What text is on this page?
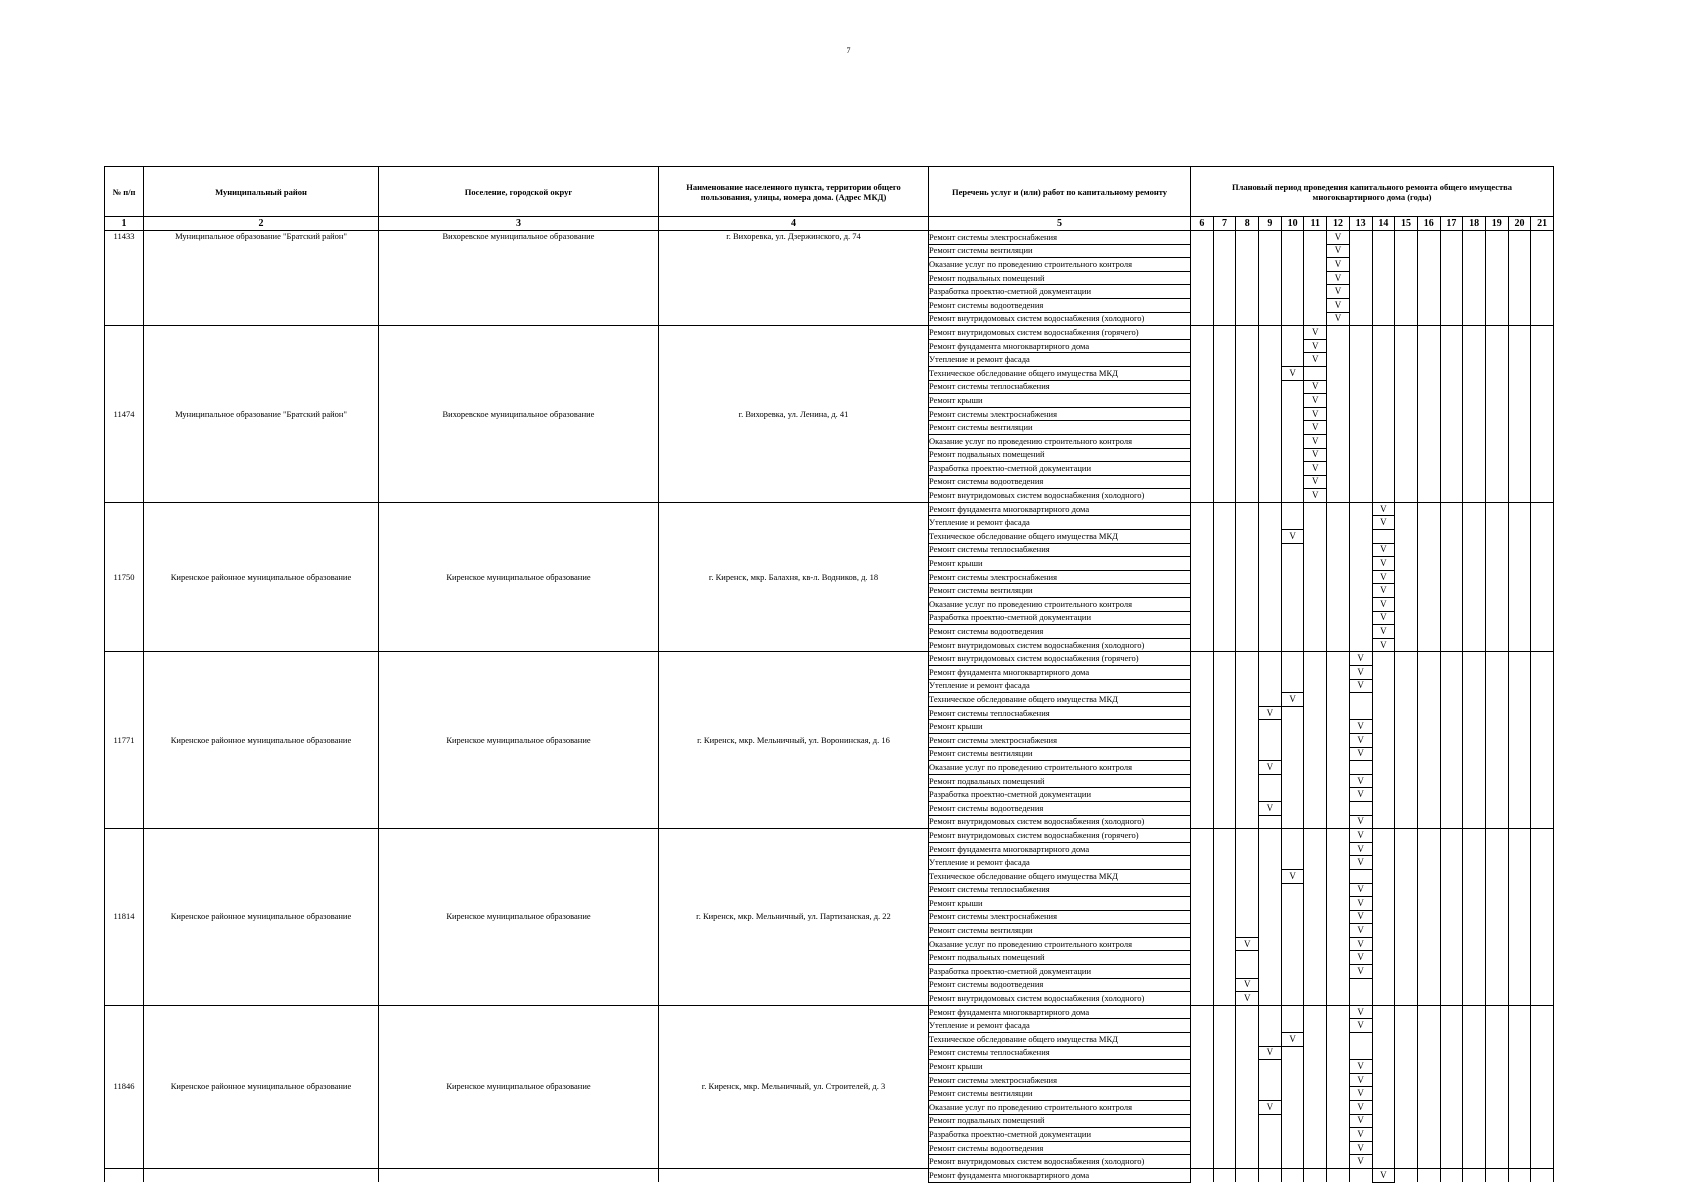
7
№ п/п	Муниципальный район	Поселение, городской округ	Наименование населенного пункта, территории общего пользования, улицы, номера дома. (Адрес МКД)	Перечень услуг и (или) работ по капитальному ремонту	Плановый период проведения капитального ремонта общего имущества многоквартирного дома (годы)															
1	2	3	4	5	6	7	8	9	10	11	12	13	14	15	16	17	18	19	20	21
11433	Муниципальное образование "Братский район"	Вихоревское муниципальное образование	г. Вихоревка, ул. Дзержинского, д. 74	Ремонт системы электроснабжения							V									
				Ремонт системы вентиляции							V									
				Оказание услуг по проведению строительного контроля							V									
				Ремонт подвальных помещений							V									
				Разработка проектно-сметной документации							V									
				Ремонт системы водоотведения							V									
				Ремонт внутридомовых систем водоснабжения (холодного)							V									
11474	Муниципальное образование "Братский район"	Вихоревское муниципальное образование	г. Вихоревка, ул. Ленина, д. 41	Ремонт внутридомовых систем водоснабжения (горячего)						V										
				Ремонт фундамента многоквартирного дома						V										
				Утепление и ремонт фасада						V										
				Техническое обследование общего имущества МКД					V											
				Ремонт системы теплоснабжения						V										
				Ремонт крыши						V										
				Ремонт системы электроснабжения						V										
				Ремонт системы вентиляции						V										
				Оказание услуг по проведению строительного контроля						V										
				Ремонт подвальных помещений						V										
				Разработка проектно-сметной документации						V										
				Ремонт системы водоотведения						V										
				Ремонт внутридомовых систем водоснабжения (холодного)						V										
11750	Киренское районное муниципальное образование	Киренское муниципальное образование	г. Киренск, мкр. Балахня, кв-л. Водников, д. 18	Ремонт фундамента многоквартирного дома									V							
				Утепление и ремонт фасада									V							
				Техническое обследование общего имущества МКД					V											
				Ремонт системы теплоснабжения									V							
				Ремонт крыши									V							
				Ремонт системы электроснабжения									V							
				Ремонт системы вентиляции									V							
				Оказание услуг по проведению строительного контроля									V							
				Разработка проектно-сметной документации									V							
				Ремонт системы водоотведения									V							
				Ремонт внутридомовых систем водоснабжения (холодного)									V							
11771	Киренское районное муниципальное образование	Киренское муниципальное образование	г. Киренск, мкр. Мельничный, ул. Воронинская, д. 16	Ремонт внутридомовых систем водоснабжения (горячего)								V								
				Ремонт фундамента многоквартирного дома								V								
				Утепление и ремонт фасада								V								
				Техническое обследование общего имущества МКД					V											
				Ремонт системы теплоснабжения				V												
				Ремонт крыши								V								
				Ремонт системы электроснабжения								V								
				Ремонт системы вентиляции								V								
				Оказание услуг по проведению строительного контроля				V												
				Ремонт подвальных помещений								V								
				Разработка проектно-сметной документации								V								
				Ремонт системы водоотведения				V												
				Ремонт внутридомовых систем водоснабжения (холодного)								V								
11814	Киренское районное муниципальное образование	Киренское муниципальное образование	г. Киренск, мкр. Мельничный, ул. Партизанская, д. 22	Ремонт внутридомовых систем водоснабжения (горячего)								V								
				Ремонт фундамента многоквартирного дома								V								
				Утепление и ремонт фасада								V								
				Техническое обследование общего имущества МКД					V											
				Ремонт системы теплоснабжения								V								
				Ремонт крыши								V								
				Ремонт системы электроснабжения								V								
				Ремонт системы вентиляции								V								
				Оказание услуг по проведению строительного контроля			V					V								
				Ремонт подвальных помещений								V								
				Разработка проектно-сметной документации								V								
				Ремонт системы водоотведения			V													
				Ремонт внутридомовых систем водоснабжения (холодного)			V													
11846	Киренское районное муниципальное образование	Киренское муниципальное образование	г. Киренск, мкр. Мельничный, ул. Строителей, д. 3	Ремонт фундамента многоквартирного дома								V								
				Утепление и ремонт фасада								V								
				Техническое обследование общего имущества МКД					V											
				Ремонт системы теплоснабжения				V												
				Ремонт крыши								V								
				Ремонт системы электроснабжения								V								
				Ремонт системы вентиляции								V								
				Оказание услуг по проведению строительного контроля				V				V								
				Ремонт подвальных помещений								V								
				Разработка проектно-сметной документации								V								
				Ремонт системы водоотведения								V								
				Ремонт внутридомовых систем водоснабжения (холодного)								V								
				Ремонт фундамента многоквартирного дома									V							
